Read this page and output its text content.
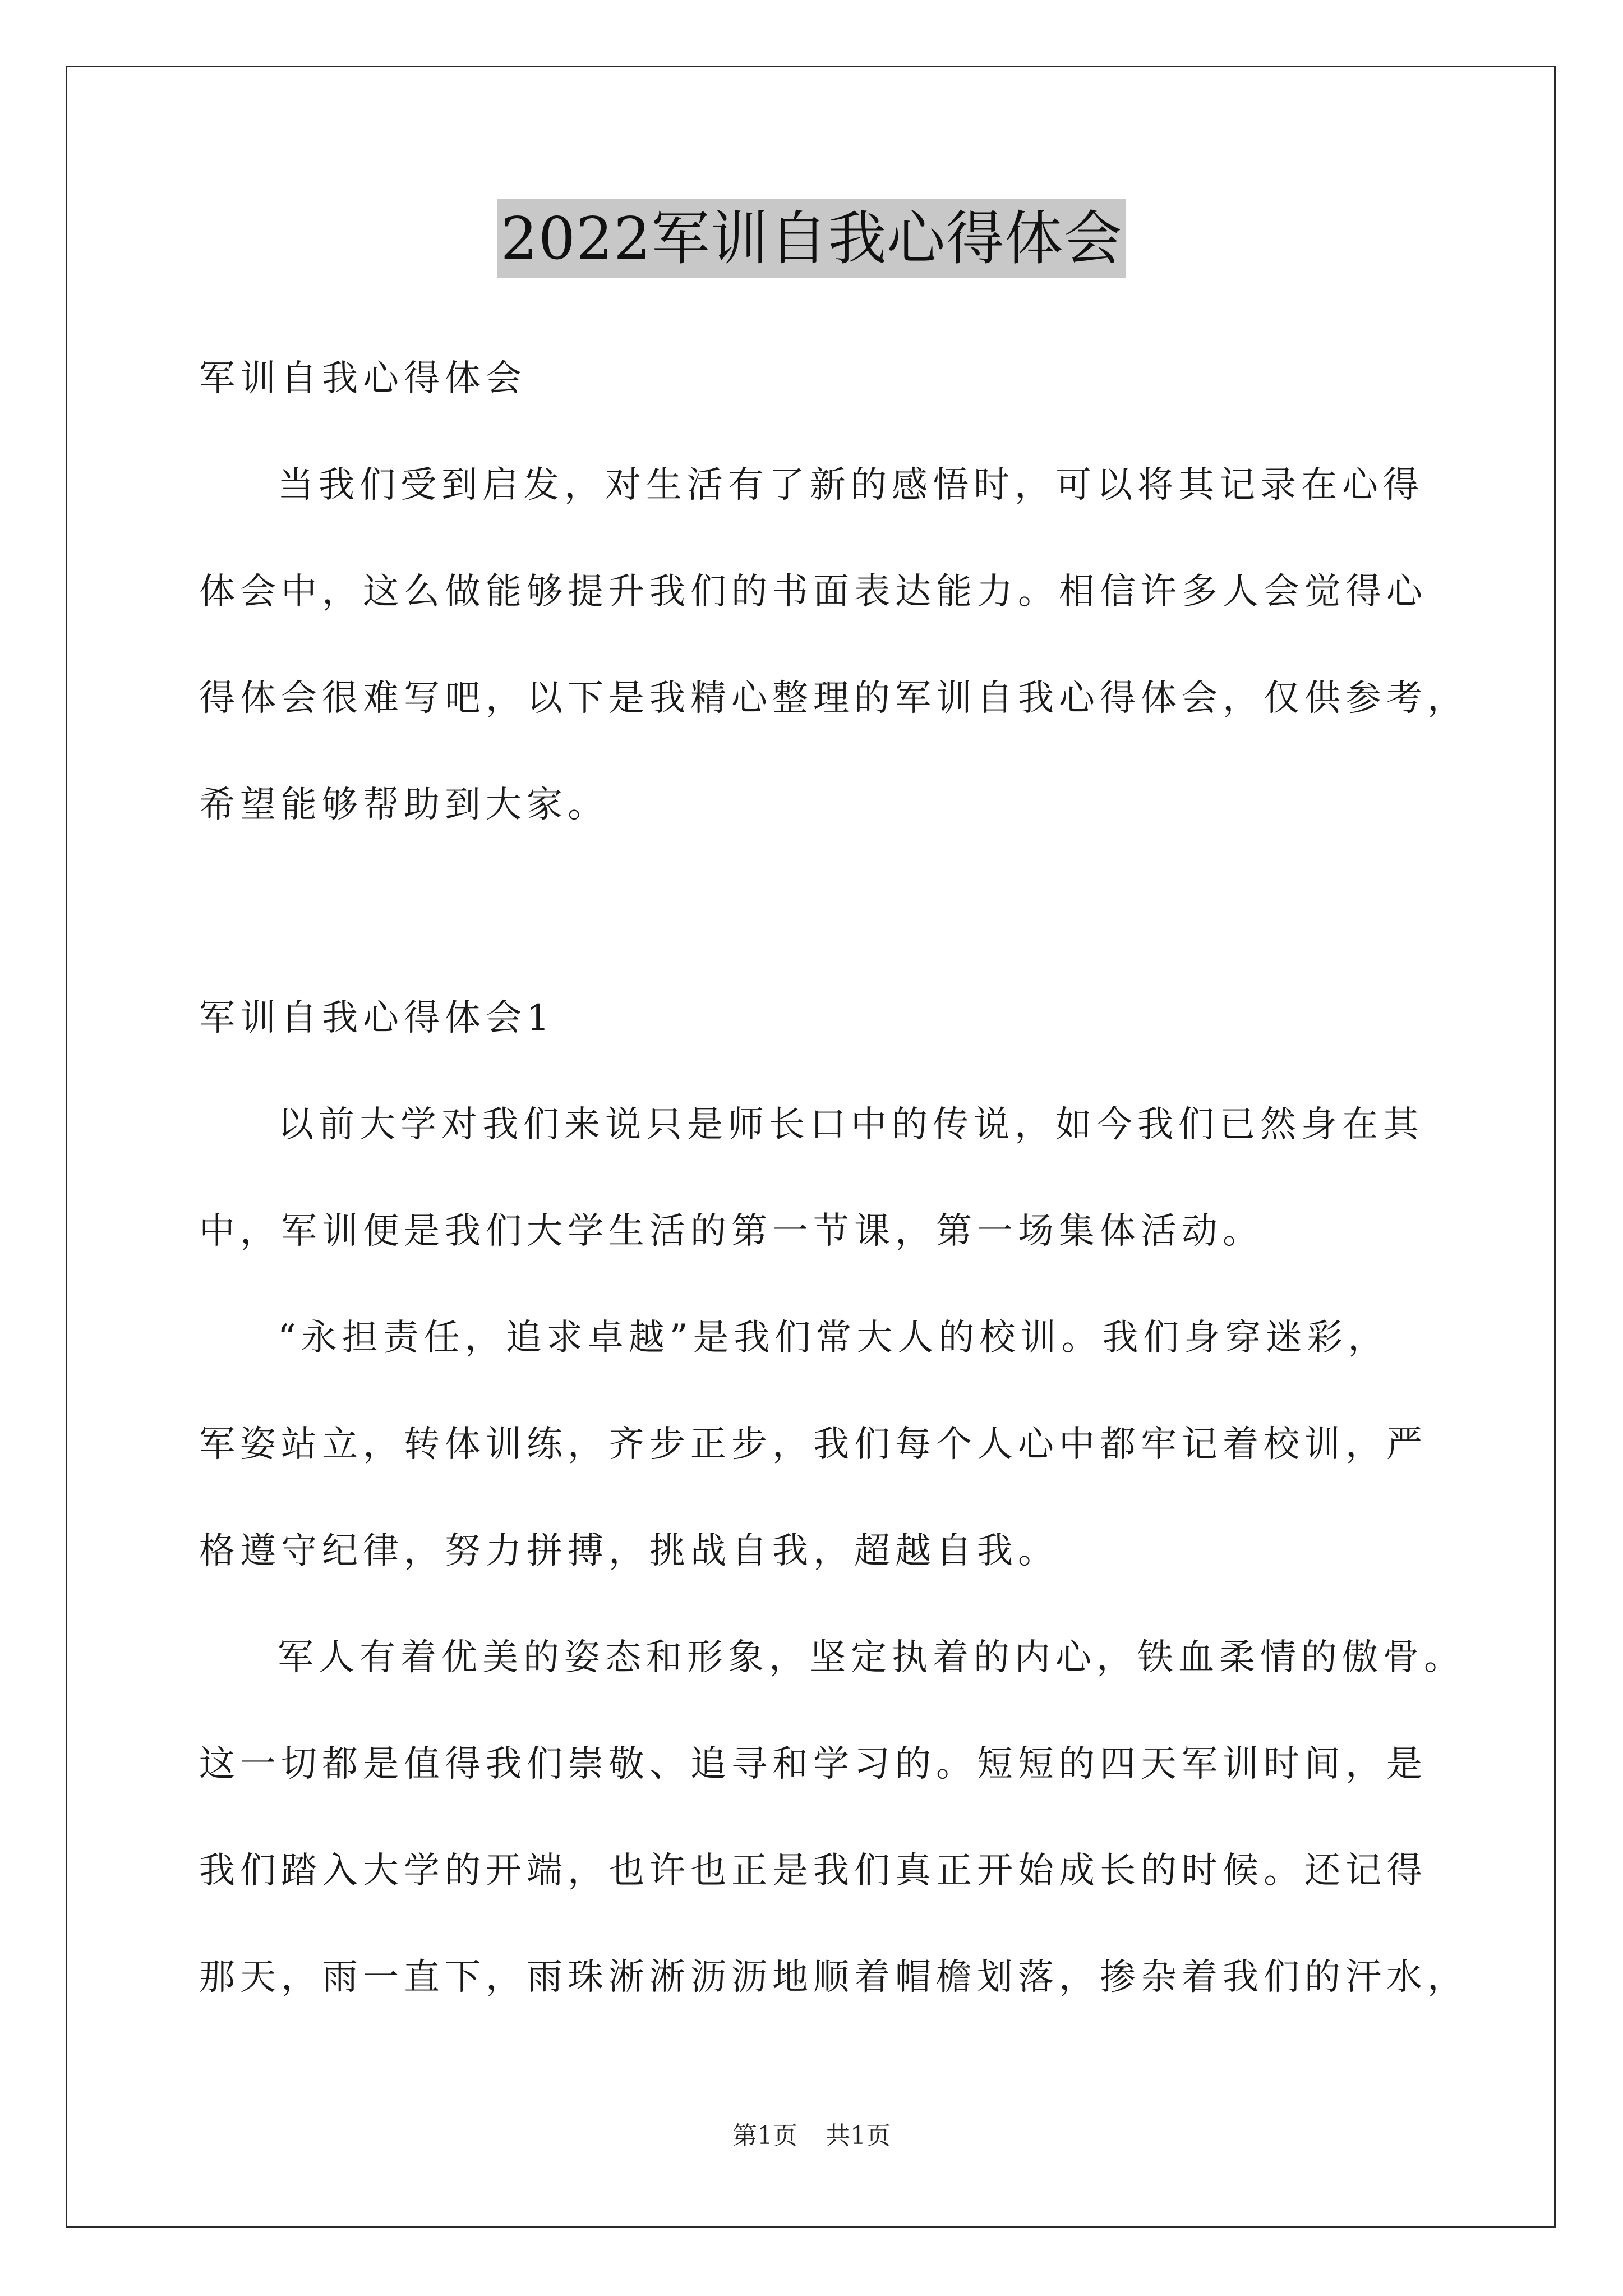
2022军训自我心得体会
军训自我心得体会
当我们受到启发，对生活有了新的感悟时，可以将其记录在心得
体会中，这么做能够提升我们的书面表达能力。相信许多人会觉得心
得体会很难写吧，以下是我精心整理的军训自我心得体会，仅供参考，
希望能够帮助到大家。
军训自我心得体会1
以前大学对我们来说只是师长口中的传说，如今我们已然身在其
中，军训便是我们大学生活的第一节课，第一场集体活动。
“永担责任，追求卓越”是我们常大人的校训。我们身穿迷彩，
军姿站立，转体训练，齐步正步，我们每个人心中都牢记着校训，严
格遵守纪律，努力拼搏，挑战自我，超越自我。
军人有着优美的姿态和形象，坚定执着的内心，铁血柔情的傲骨。
这一切都是值得我们崇敬、追寻和学习的。短短的四天军训时间，是
我们踏入大学的开端，也许也正是我们真正开始成长的时候。还记得
那天，雨一直下，雨珠淅淅沥沥地顺着帽檐划落，掺杂着我们的汗水，
第1页 共1页
